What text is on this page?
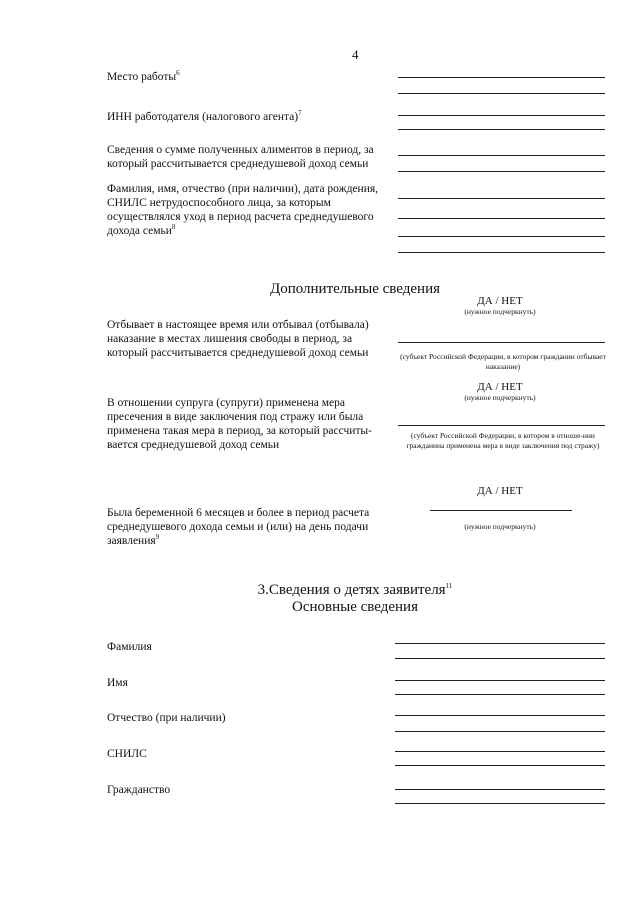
4
Место работы$^6$
ИНН работодателя (налогового агента)$^7$
Сведения о сумме полученных алиментов в период, за который рассчитывается среднедушевой доход семьи
Фамилия, имя, отчество (при наличии), дата рождения, СНИЛС нетрудоспособного лица, за которым осуществлялся уход в период расчета среднедушевого дохода семьи$^8$
Дополнительные сведения
ДА / НЕТ
(нужное подчеркнуть)
Отбывает в настоящее время или отбывал (отбывала) наказание в местах лишения свободы в период, за который рассчитывается среднедушевой доход семьи	(субъект Российской Федерации, в котором гражданин отбывает наказание)
ДА / НЕТ
(нужное подчеркнуть)
В отношении супруга (супруги) применена мера пресечения в виде заключения под стражу или была применена такая мера в период, за который рассчиты-вается среднедушевой доход семьи
(субъект Российской Федерации, в котором в отноше-нии гражданина применена мера в виде заключения под стражу)
ДА / НЕТ
Была беременной 6 месяцев и более в период расчета среднедушевого дохода семьи и (или) на день подачи заявления$^9$
(нужное подчеркнуть)
3.Сведения о детях заявителя$^{11}$
Основные сведения
Фамилия
Имя
Отчество (при наличии)
СНИЛС
Гражданство
